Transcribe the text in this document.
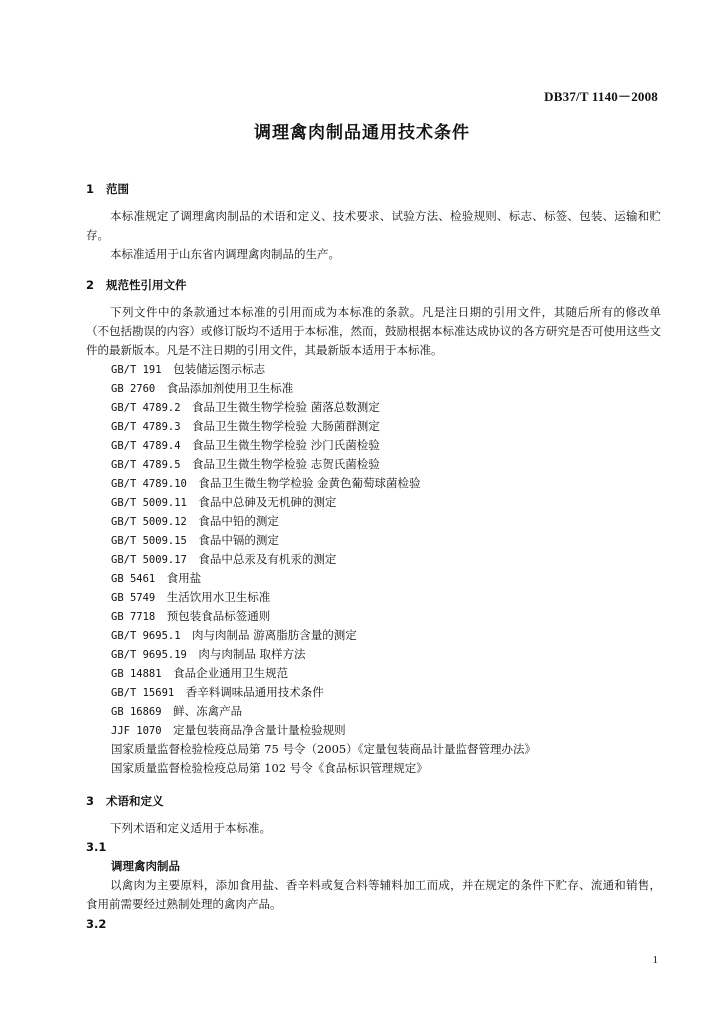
DB37/T 1140－2008
调理禽肉制品通用技术条件
1 范围
本标准规定了调理禽肉制品的术语和定义、技术要求、试验方法、检验规则、标志、标签、包装、运输和贮存。
本标准适用于山东省内调理禽肉制品的生产。
2 规范性引用文件
下列文件中的条款通过本标准的引用而成为本标准的条款。凡是注日期的引用文件，其随后所有的修改单（不包括勘误的内容）或修订版均不适用于本标准，然而，鼓励根据本标准达成协议的各方研究是否可使用这些文件的最新版本。凡是不注日期的引用文件，其最新版本适用于本标准。
GB/T 191  包装储运图示标志
GB 2760  食品添加剂使用卫生标准
GB/T 4789.2  食品卫生微生物学检验 菌落总数测定
GB/T 4789.3  食品卫生微生物学检验 大肠菌群测定
GB/T 4789.4  食品卫生微生物学检验 沙门氏菌检验
GB/T 4789.5  食品卫生微生物学检验 志贺氏菌检验
GB/T 4789.10  食品卫生微生物学检验 金黄色葡萄球菌检验
GB/T 5009.11  食品中总砷及无机砷的测定
GB/T 5009.12  食品中铅的测定
GB/T 5009.15  食品中镉的测定
GB/T 5009.17  食品中总汞及有机汞的测定
GB 5461  食用盐
GB 5749  生活饮用水卫生标准
GB 7718  预包装食品标签通则
GB/T 9695.1  肉与肉制品 游离脂肪含量的测定
GB/T 9695.19  肉与肉制品 取样方法
GB 14881  食品企业通用卫生规范
GB/T 15691  香辛料调味品通用技术条件
GB 16869  鲜、冻禽产品
JJF 1070  定量包装商品净含量计量检验规则
国家质量监督检验检疫总局第 75 号令（2005）《定量包装商品计量监督管理办法》
国家质量监督检验检疫总局第 102 号令《食品标识管理规定》
3 术语和定义
下列术语和定义适用于本标准。
3.1
调理禽肉制品
以禽肉为主要原料，添加食用盐、香辛料或复合料等辅料加工而成，并在规定的条件下贮存、流通和销售，食用前需要经过熟制处理的禽肉产品。
3.2
1
